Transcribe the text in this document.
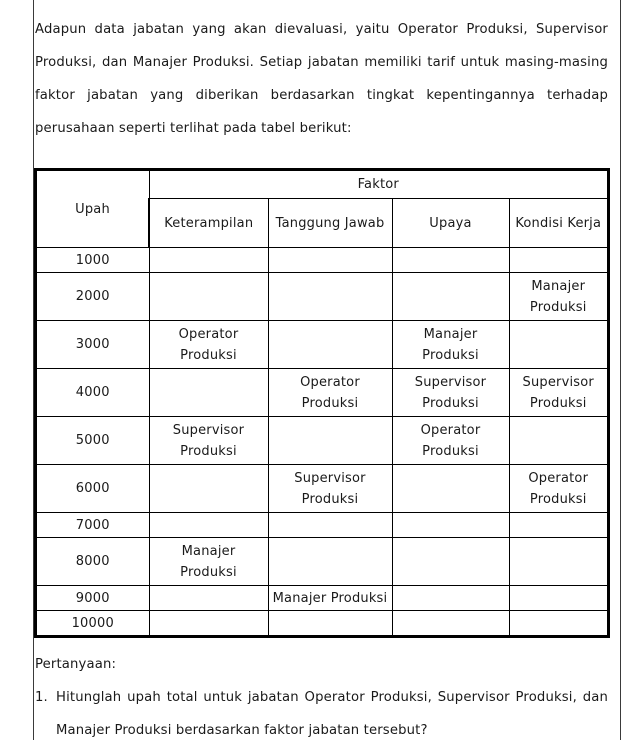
Adapun data jabatan yang akan dievaluasi, yaitu Operator Produksi, Supervisor
Produksi, dan Manajer Produksi. Setiap jabatan memiliki tarif untuk masing-masing
faktor jabatan yang diberikan berdasarkan tingkat kepentingannya terhadap
perusahaan seperti terlihat pada tabel berikut:

Upah	Faktor			
	Keterampilan	Tanggung Jawab	Upaya	Kondisi Kerja
1000				
2000				Manajer
Produksi

3000	Operator
Produksi		Manajer
Produksi	

4000		Operator
Produksi	Supervisor
Produksi	Supervisor
Produksi

5000	Supervisor
Produksi		Operator
Produksi	

6000		Supervisor
Produksi		Operator
Produksi

7000				
8000	Manajer
Produksi			

9000		Manajer Produksi		
10000				

Pertanyaan:

1. Hitunglah upah total untuk jabatan Operator Produksi, Supervisor Produksi, dan
Manajer Produksi berdasarkan faktor jabatan tersebut?
